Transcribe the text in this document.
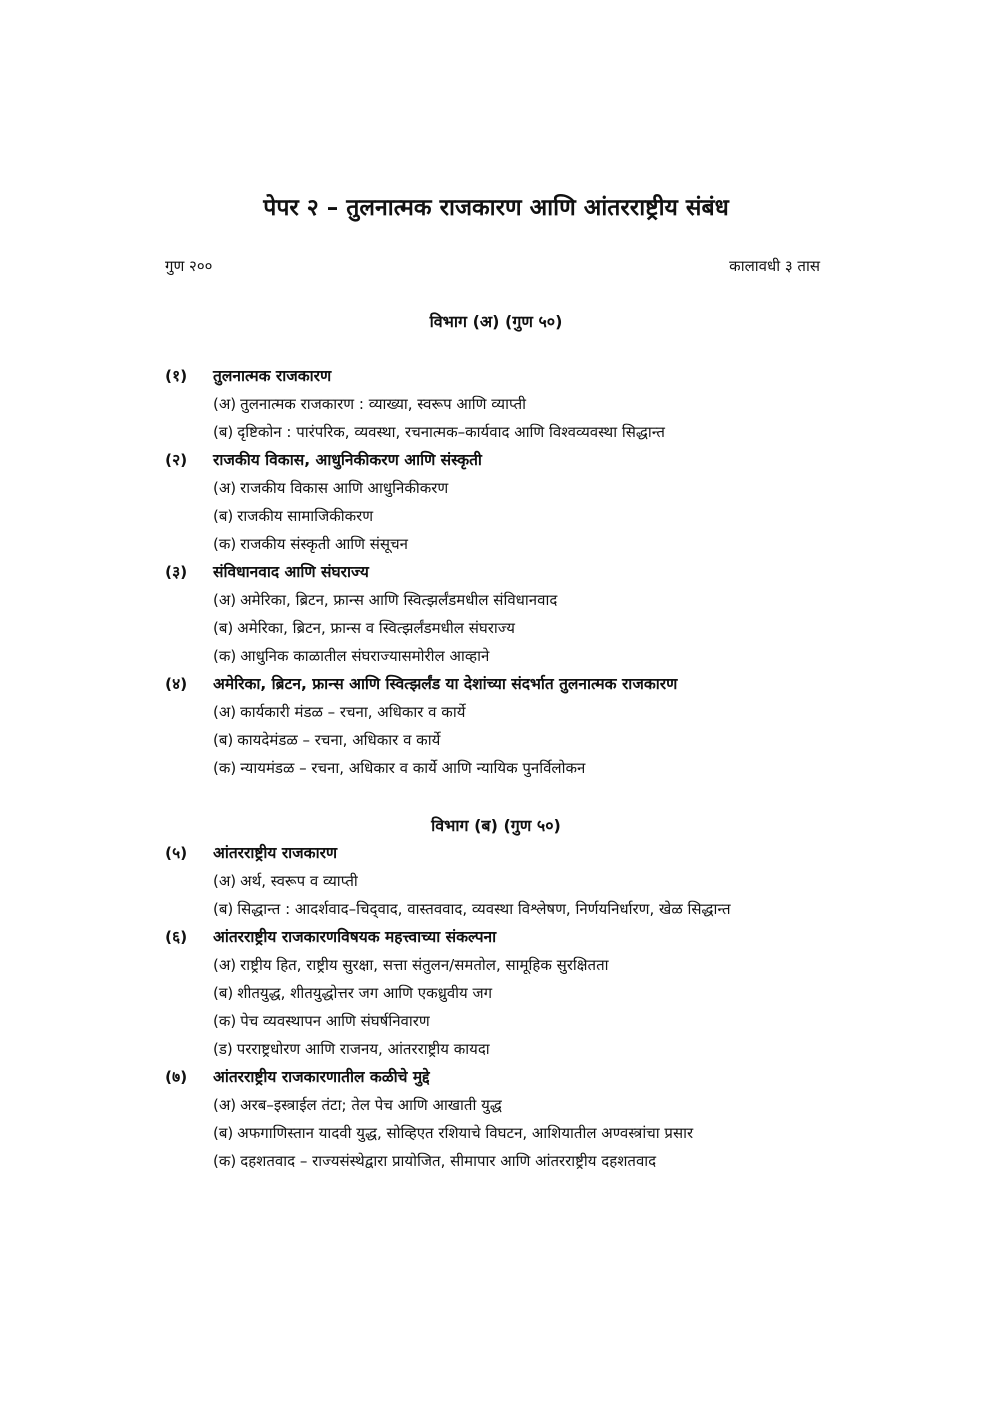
पेपर २ – तुलनात्मक राजकारण आणि आंतरराष्ट्रीय संबंध
गुण २००	कालावधी ३ तास
विभाग (अ) (गुण ५०)
(१)	तुलनात्मक राजकारण
(अ) तुलनात्मक राजकारण : व्याख्या, स्वरूप आणि व्याप्ती
(ब) दृष्टिकोन : पारंपरिक, व्यवस्था, रचनात्मक–कार्यवाद आणि विश्वव्यवस्था सिद्धान्त
(२)	राजकीय विकास, आधुनिकीकरण आणि संस्कृती
(अ) राजकीय विकास आणि आधुनिकीकरण
(ब) राजकीय सामाजिकीकरण
(क) राजकीय संस्कृती आणि संसूचन
(३)	संविधानवाद आणि संघराज्य
(अ) अमेरिका, ब्रिटन, फ्रान्स आणि स्वित्झर्लंडमधील संविधानवाद
(ब) अमेरिका, ब्रिटन, फ्रान्स व स्वित्झर्लंडमधील संघराज्य
(क) आधुनिक काळातील संघराज्यासमोरील आव्हाने
(४)	अमेरिका, ब्रिटन, फ्रान्स आणि स्वित्झर्लंड या देशांच्या संदर्भात तुलनात्मक राजकारण
(अ) कार्यकारी मंडळ – रचना, अधिकार व कार्ये
(ब) कायदेमंडळ – रचना, अधिकार व कार्ये
(क) न्यायमंडळ – रचना, अधिकार व कार्ये आणि न्यायिक पुनर्विलोकन
विभाग (ब) (गुण ५०)
(५)	आंतरराष्ट्रीय राजकारण
(अ) अर्थ, स्वरूप व व्याप्ती
(ब) सिद्धान्त : आदर्शवाद–चिद्‌वाद, वास्तववाद, व्यवस्था विश्लेषण, निर्णयनिर्धारण, खेळ सिद्धान्त
(६)	आंतरराष्ट्रीय राजकारणविषयक महत्त्वाच्या संकल्पना
(अ) राष्ट्रीय हित, राष्ट्रीय सुरक्षा, सत्ता संतुलन/समतोल, सामूहिक सुरक्षितता
(ब) शीतयुद्ध, शीतयुद्धोत्तर जग आणि एकध्रुवीय जग
(क) पेच व्यवस्थापन आणि संघर्षनिवारण
(ड) परराष्ट्रधोरण आणि राजनय, आंतरराष्ट्रीय कायदा
(७)	आंतरराष्ट्रीय राजकारणातील कळीचे मुद्दे
(अ) अरब–इस्त्राईल तंटा; तेल पेच आणि आखाती युद्ध
(ब) अफगाणिस्तान यादवी युद्ध, सोव्हिएत रशियाचे विघटन, आशियातील अण्वस्त्रांचा प्रसार
(क) दहशतवाद – राज्यसंस्थेद्वारा प्रायोजित, सीमापार आणि आंतरराष्ट्रीय दहशतवाद
